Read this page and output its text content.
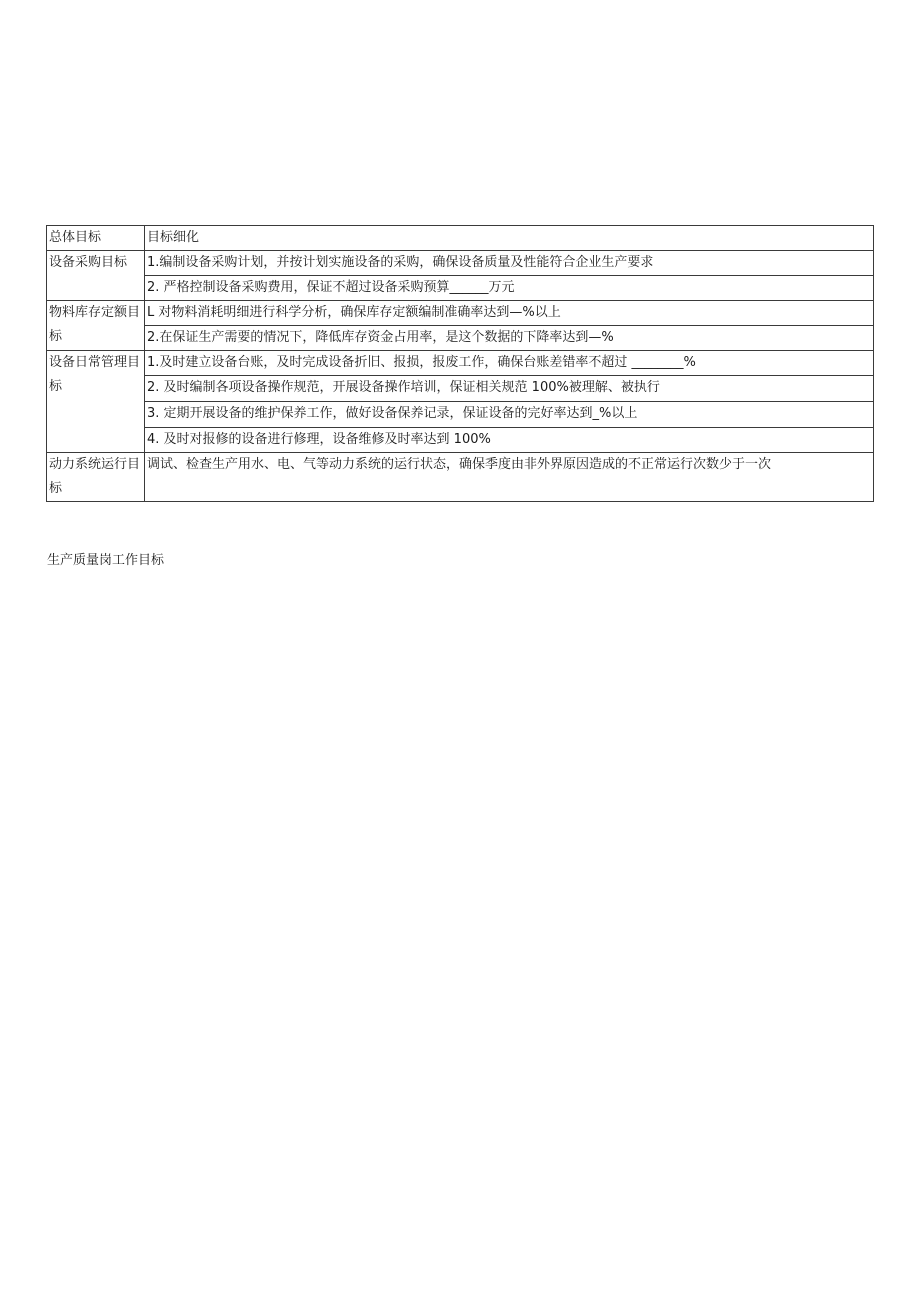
总体目标	目标细化
设备采购目标	1.编制设备采购计划，并按计划实施设备的采购，确保设备质量及性能符合企业生产要求
	2. 严格控制设备采购费用，保证不超过设备采购预算______万元
物料库存定额目标	L 对物料消耗明细进行科学分析，确保库存定额编制准确率达到—%以上
	2.在保证生产需要的情况下，降低库存资金占用率，是这个数据的下降率达到—%
设备日常管理目标	1.及时建立设备台账，及时完成设备折旧、报损，报废工作，确保台账差错率不超过 ________%
	2. 及时编制各项设备操作规范，开展设备操作培训，保证相关规范 100%被理解、被执行
	3. 定期开展设备的维护保养工作，做好设备保养记录，保证设备的完好率达到_%以上
	4. 及时对报修的设备进行修理，设备维修及时率达到 100%
动力系统运行目标	调试、检查生产用水、电、气等动力系统的运行状态，确保季度由非外界原因造成的不正常运行次数少于一次
生产质量岗工作目标
